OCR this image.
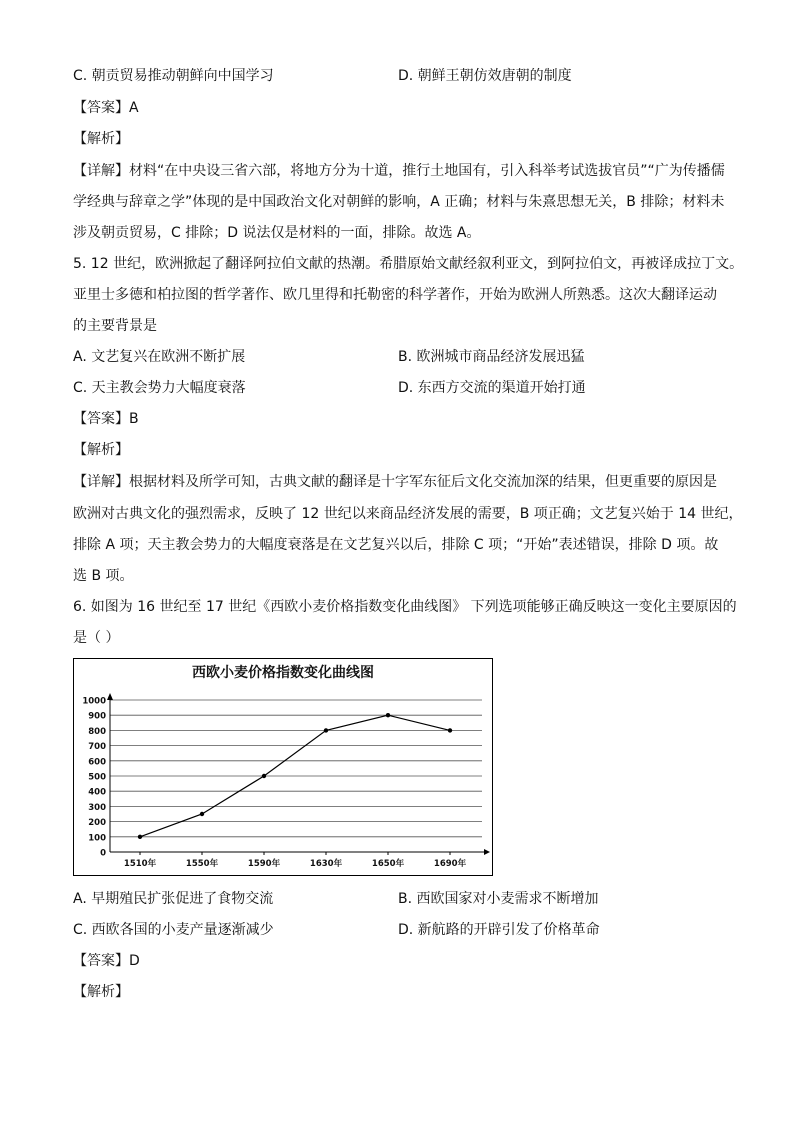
C. 朝贡贸易推动朝鲜向中国学习	D. 朝鲜王朝仿效唐朝的制度
【答案】A
【解析】
【详解】材料“在中央设三省六部，将地方分为十道，推行土地国有，引入科举考试选拔官员”“广为传播儒
学经典与辞章之学”体现的是中国政治文化对朝鲜的影响，A 正确；材料与朱熹思想无关，B 排除；材料未
涉及朝贡贸易，C 排除；D 说法仅是材料的一面，排除。故选 A。
5. 12 世纪，欧洲掀起了翻译阿拉伯文献的热潮。希腊原始文献经叙利亚文，到阿拉伯文，再被译成拉丁文。
亚里士多德和柏拉图的哲学著作、欧几里得和托勒密的科学著作，开始为欧洲人所熟悉。这次大翻译运动
的主要背景是
A. 文艺复兴在欧洲不断扩展	B. 欧洲城市商品经济发展迅猛
C. 天主教会势力大幅度衰落	D. 东西方交流的渠道开始打通
【答案】B
【解析】
【详解】根据材料及所学可知，古典文献的翻译是十字军东征后文化交流加深的结果，但更重要的原因是
欧洲对古典文化的强烈需求，反映了 12 世纪以来商品经济发展的需要，B 项正确；文艺复兴始于 14 世纪，
排除 A 项；天主教会势力的大幅度衰落是在文艺复兴以后，排除 C 项；“开始”表述错误，排除 D 项。故
选 B 项。
6. 如图为 16 世纪至 17 世纪《西欧小麦价格指数变化曲线图》 下列选项能够正确反映这一变化主要原因的
是（ ）
西欧小麦价格指数变化曲线图
0
100
200
300
400
500
600
700
800
900
1000
1510年	1550年	1590年	1630年	1650年	1690年
A. 早期殖民扩张促进了食物交流	B. 西欧国家对小麦需求不断增加
C. 西欧各国的小麦产量逐渐减少	D. 新航路的开辟引发了价格革命
【答案】D
【解析】
